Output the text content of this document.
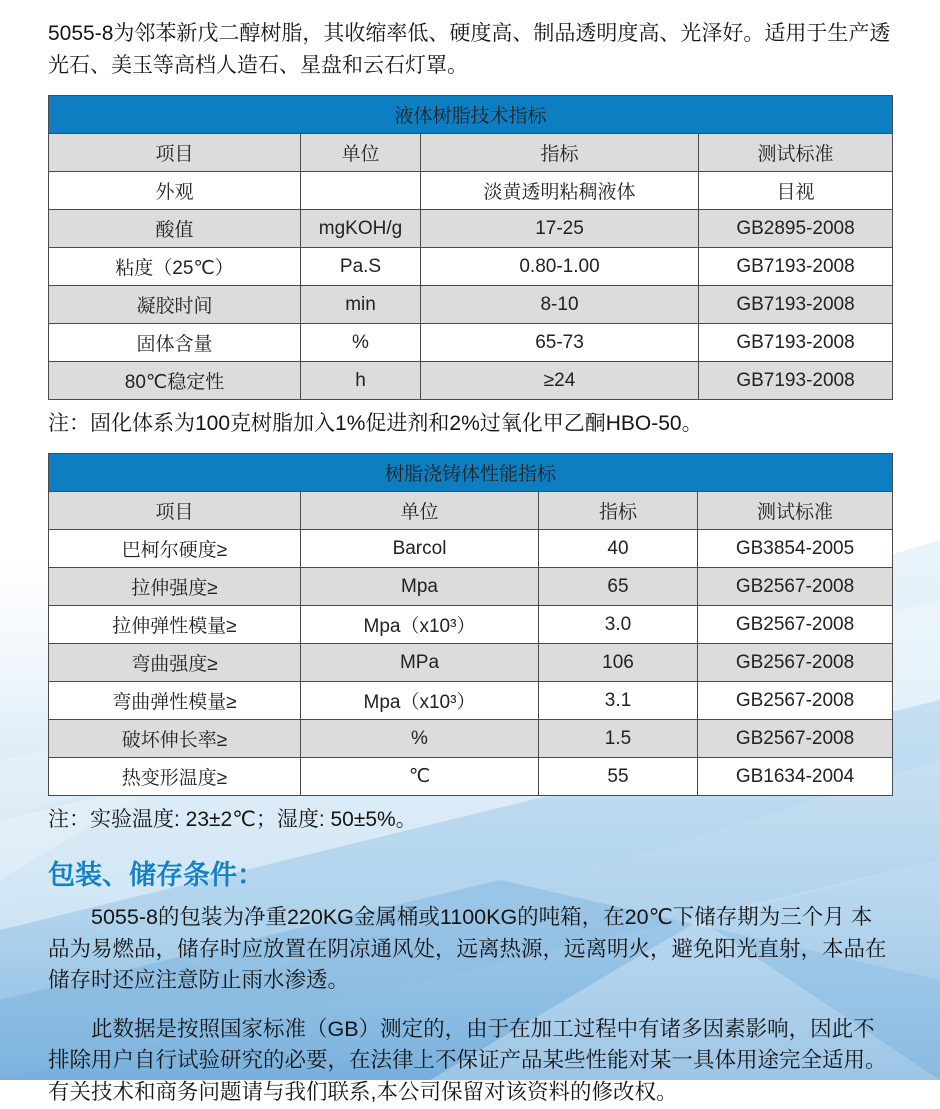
5055-8为邻苯新戊二醇树脂，其收缩率低、硬度高、制品透明度高、光泽好。适用于生产透光石、美玉等高档人造石、星盘和云石灯罩。

液体树脂技术指标			
项目	单位	指标	测试标准
外观		淡黄透明粘稠液体	目视
酸值	mgKOH/g	17-25	GB2895-2008
粘度（25℃）	Pa.S	0.80-1.00	GB7193-2008
凝胶时间	min	8-10	GB7193-2008
固体含量	%	65-73	GB7193-2008
80℃稳定性	h	≥24	GB7193-2008

注：固化体系为100克树脂加入1%促进剂和2%过氧化甲乙酮HBO-50。

树脂浇铸体性能指标			
项目	单位	指标	测试标准
巴柯尔硬度≥	Barcol	40	GB3854-2005
拉伸强度≥	Mpa	65	GB2567-2008
拉伸弹性模量≥	Mpa（x10³）	3.0	GB2567-2008
弯曲强度≥	MPa	106	GB2567-2008
弯曲弹性模量≥	Mpa（x10³）	3.1	GB2567-2008
破坏伸长率≥	%	1.5	GB2567-2008
热变形温度≥	℃	55	GB1634-2004

注：实验温度: 23±2℃；湿度: 50±5%。

包装、储存条件：

5055-8的包装为净重220KG金属桶或1100KG的吨箱，在20℃下储存期为三个月 本品为易燃品，储存时应放置在阴凉通风处，远离热源，远离明火，避免阳光直射，本品在储存时还应注意防止雨水渗透。

此数据是按照国家标准（GB）测定的，由于在加工过程中有诸多因素影响，因此不排除用户自行试验研究的必要，在法律上不保证产品某些性能对某一具体用途完全适用。有关技术和商务问题请与我们联系,本公司保留对该资料的修改权。
